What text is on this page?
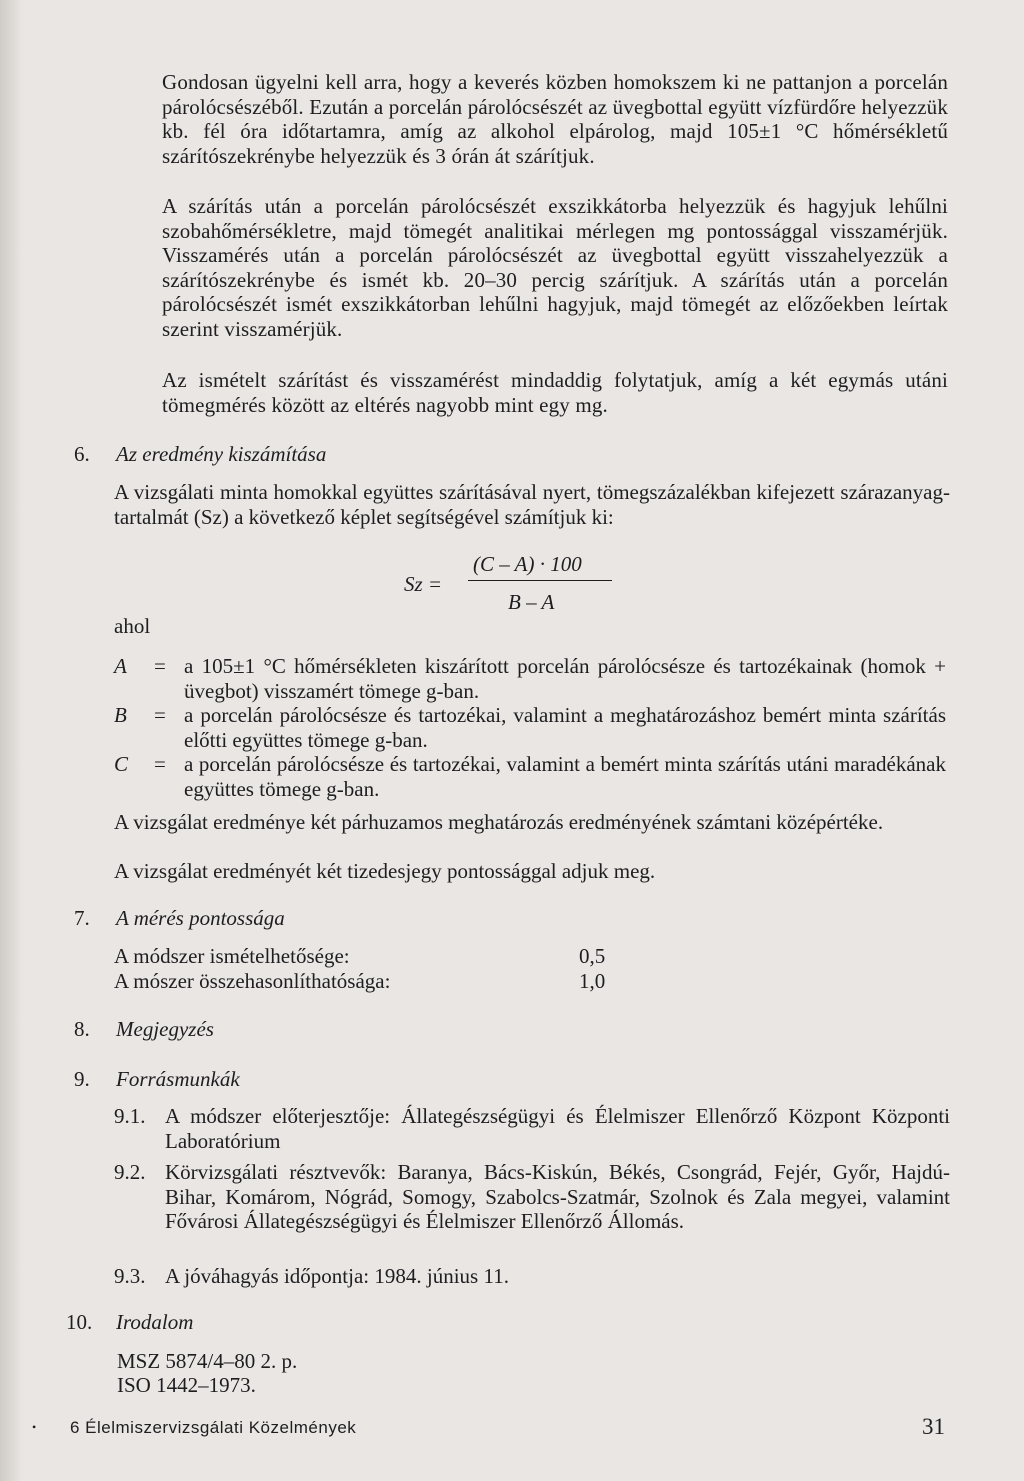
Gondosan ügyelni kell arra, hogy a keverés közben homokszem ki ne pattanjon a porcelán párolócsészéből. Ezután a porcelán párolócsészét az üvegbottal együtt vízfürdőre helyezzük kb. fél óra időtartamra, amíg az alkohol elpárolog, majd 105±1 °C hőmérsékletű szárítószekrénybe helyezzük és 3 órán át szárítjuk.

A szárítás után a porcelán párolócsészét exszikkátorba helyezzük és hagyjuk lehűlni szobahőmérsékletre, majd tömegét analitikai mérlegen mg pontossággal visszamérjük. Visszamérés után a porcelán párolócsészét az üvegbottal együtt visszahelyezzük a szárítószekrénybe és ismét kb. 20–30 percig szárítjuk. A szárítás után a porcelán párolócsészét ismét exszikkátorban lehűlni hagyjuk, majd tömegét az előzőekben leírtak szerint visszamérjük.

Az ismételt szárítást és visszamérést mindaddig folytatjuk, amíg a két egymás utáni tömegmérés között az eltérés nagyobb mint egy mg.

6. Az eredmény kiszámítása

A vizsgálati minta homokkal együttes szárításával nyert, tömegszázalékban kifejezett szárazanyag-tartalmát (Sz) a következő képlet segítségével számítjuk ki:

Sz =
(C – A) · 100
B – A

ahol

A = a 105±1 °C hőmérsékleten kiszárított porcelán párolócsésze és tartozékainak (homok + üvegbot) visszamért tömege g-ban.
B = a porcelán párolócsésze és tartozékai, valamint a meghatározáshoz bemért minta szárítás előtti együttes tömege g-ban.
C = a porcelán párolócsésze és tartozékai, valamint a bemért minta szárítás utáni maradékának együttes tömege g-ban.

A vizsgálat eredménye két párhuzamos meghatározás eredményének számtani középértéke.

A vizsgálat eredményét két tizedesjegy pontossággal adjuk meg.

7. A mérés pontossága
A módszer ismételhetősége:	0,5
A mószer összehasonlíthatósága:	1,0
8. Megjegyzés
9. Forrásmunkák
9.1. A módszer előterjesztője: Állategészségügyi és Élelmiszer Ellenőrző Központ Központi Laboratórium
9.2. Körvizsgálati résztvevők: Baranya, Bács-Kiskún, Békés, Csongrád, Fejér, Győr, Hajdú-Bihar, Komárom, Nógrád, Somogy, Szabolcs-Szatmár, Szolnok és Zala megyei, valamint Fővárosi Állategészségügyi és Élelmiszer Ellenőrző Állomás.
9.3. A jóváhagyás időpontja: 1984. június 11.
10. Irodalom

MSZ 5874/4–80 2. p.

ISO 1442–1973.

• 6 Élelmiszervizsgálati Közelmények	31
